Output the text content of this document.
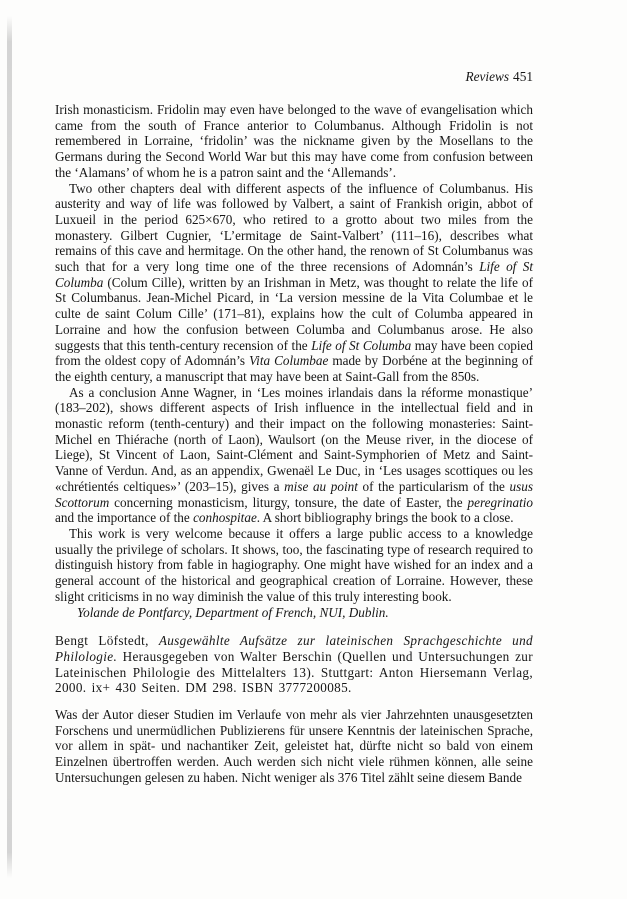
Reviews 451

Irish monasticism. Fridolin may even have belonged to the wave of evangelisation which came from the south of France anterior to Columbanus. Although Fridolin is not remembered in Lorraine, ‘fridolin’ was the nickname given by the Mosellans to the Germans during the Second World War but this may have come from confusion between the ‘Alamans’ of whom he is a patron saint and the ‘Allemands’.

Two other chapters deal with different aspects of the influence of Columbanus. His austerity and way of life was followed by Valbert, a saint of Frankish origin, abbot of Luxueil in the period 625×670, who retired to a grotto about two miles from the monastery. Gilbert Cugnier, ‘L’ermitage de Saint-Valbert’ (111–16), describes what remains of this cave and hermitage. On the other hand, the renown of St Columbanus was such that for a very long time one of the three recensions of Adomnán’s Life of St Columba (Colum Cille), written by an Irishman in Metz, was thought to relate the life of St Columbanus. Jean-Michel Picard, in ‘La version messine de la Vita Columbae et le culte de saint Colum Cille’ (171–81), explains how the cult of Columba appeared in Lorraine and how the confusion between Columba and Columbanus arose. He also suggests that this tenth-century recension of the Life of St Columba may have been copied from the oldest copy of Adomnán’s Vita Columbae made by Dorbéne at the beginning of the eighth century, a manuscript that may have been at Saint-Gall from the 850s.

As a conclusion Anne Wagner, in ‘Les moines irlandais dans la réforme monastique’ (183–202), shows different aspects of Irish influence in the intellectual field and in monastic reform (tenth-century) and their impact on the following monasteries: Saint-Michel en Thiérache (north of Laon), Waulsort (on the Meuse river, in the diocese of Liege), St Vincent of Laon, Saint-Clément and Saint-Symphorien of Metz and Saint-Vanne of Verdun. And, as an appendix, Gwenaël Le Duc, in ‘Les usages scottiques ou les «chrétientés celtiques»’ (203–15), gives a mise au point of the particularism of the usus Scottorum concerning monasticism, liturgy, tonsure, the date of Easter, the peregrinatio and the importance of the conhospitae. A short bibliography brings the book to a close.

This work is very welcome because it offers a large public access to a knowledge usually the privilege of scholars. It shows, too, the fascinating type of research required to distinguish history from fable in hagiography. One might have wished for an index and a general account of the historical and geographical creation of Lorraine. However, these slight criticisms in no way diminish the value of this truly interesting book.

Yolande de Pontfarcy, Department of French, NUI, Dublin.

Bengt Löfstedt, Ausgewählte Aufsätze zur lateinischen Sprachgeschichte und Philologie. Herausgegeben von Walter Berschin (Quellen und Untersuchungen zur Lateinischen Philologie des Mittelalters 13). Stuttgart: Anton Hiersemann Verlag, 2000. ix+ 430 Seiten. DM 298. ISBN 3777200085.

Was der Autor dieser Studien im Verlaufe von mehr als vier Jahrzehnten unausgesetzten Forschens und unermüdlichen Publizierens für unsere Kenntnis der lateinischen Sprache, vor allem in spät- und nachantiker Zeit, geleistet hat, dürfte nicht so bald von einem Einzelnen übertroffen werden. Auch werden sich nicht viele rühmen können, alle seine Untersuchungen gelesen zu haben. Nicht weniger als 376 Titel zählt seine diesem Bande
